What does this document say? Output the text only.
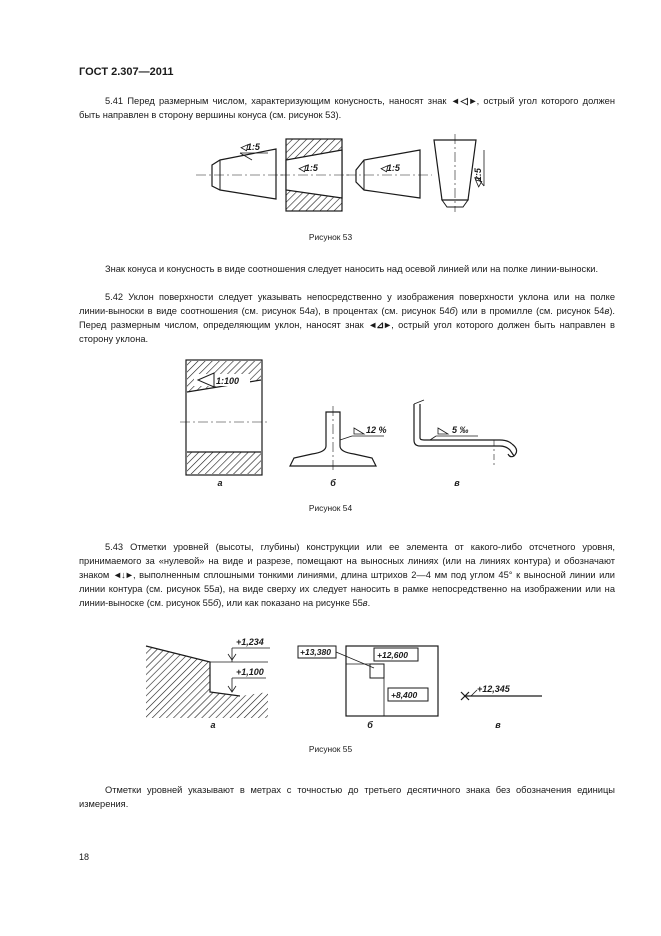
ГОСТ 2.307—2011

5.41 Перед размерным числом, характеризующим конусность, наносят знак ◄◁►, острый угол которого должен быть направлен в сторону вершины конуса (см. рисунок 53).

◁1:5
◁1:5	◁1:5
◁1:5
Рисунок 53

Знак конуса и конусность в виде соотношения следует наносить над осевой линией или на полке линии-выноски.

5.42 Уклон поверхности следует указывать непосредственно у изображения поверхности уклона или на полке линии-выноски в виде соотношения (см. рисунок 54а), в процентах (см. рисунок 54б) или в промилле (см. рисунок 54в). Перед размерным числом, определяющим уклон, наносят знак ◄⊿►, острый угол которого должен быть направлен в сторону уклона.

1:100
12 %	5 ‰
а	б	в
Рисунок 54

5.43 Отметки уровней (высоты, глубины) конструкции или ее элемента от какого-либо отсчетного уровня, принимаемого за «нулевой» на виде и разрезе, помещают на выносных линиях (или на линиях контура) и обозначают знаком ◄↓►, выполненным сплошными тонкими линиями, длина штрихов 2—4 мм под углом 45° к выносной линии или линии контура (см. рисунок 55а), на виде сверху их следует наносить в рамке непосредственно на изображении или на линии-выноске (см. рисунок 55б), или как показано на рисунке 55в.

+1,234
+1,100
+13,380	+12,600
+8,400
+12,345
а	б	в
Рисунок 55

Отметки уровней указывают в метрах с точностью до третьего десятичного знака без обозначения единицы измерения.

18
